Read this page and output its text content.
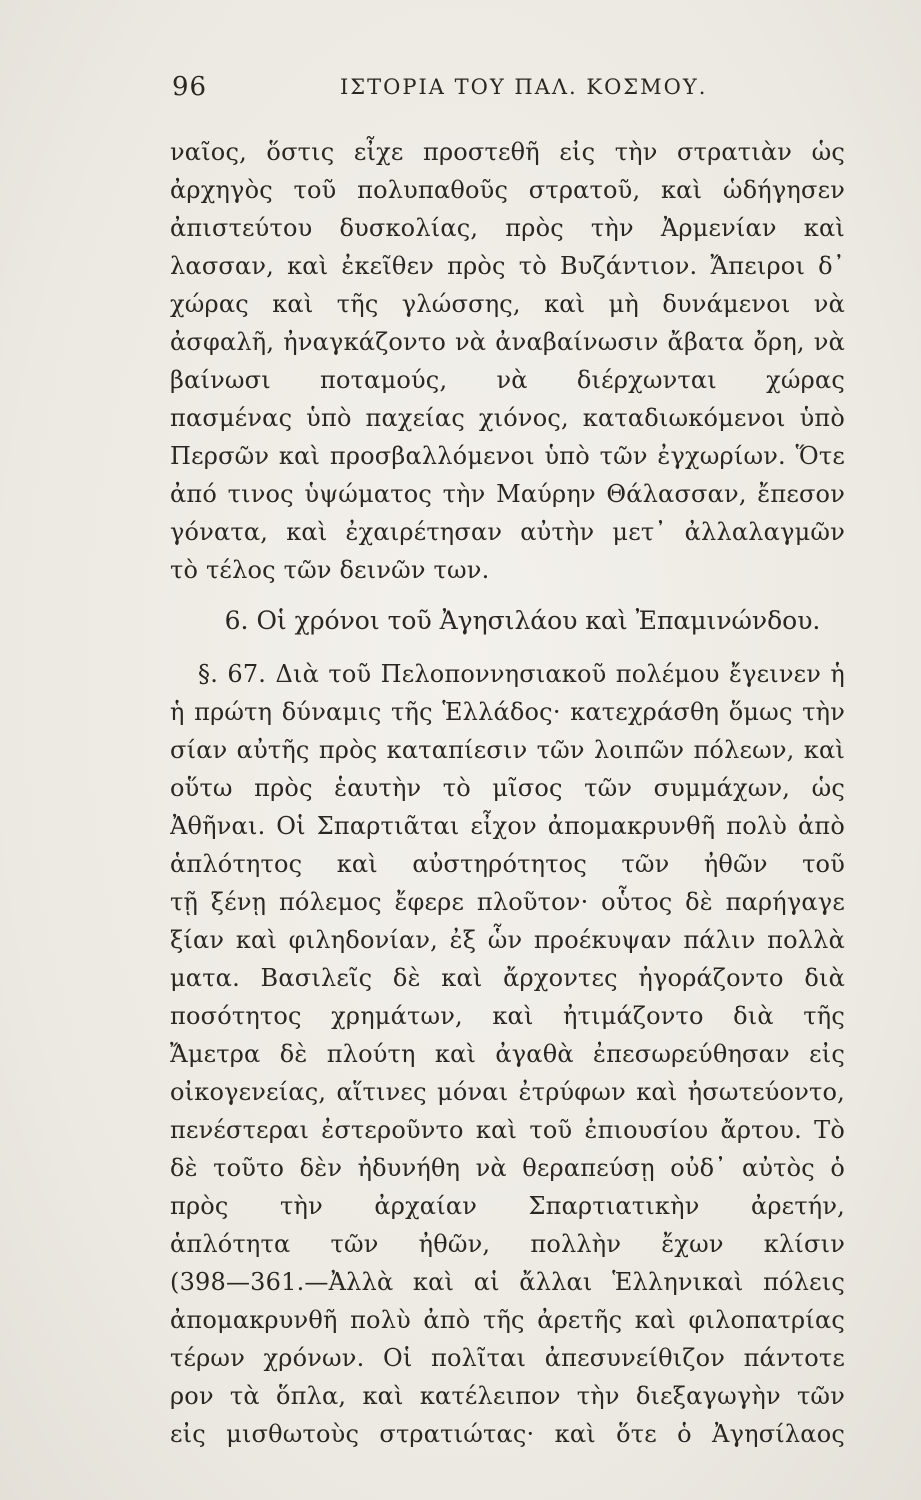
96	ΙΣΤΟΡΙΑ ΤΟΥ ΠΑΛ. ΚΟΣΜΟΥ.
ναῖος, ὅστις εἶχε προστεθῆ εἰς τὴν στρατιὰν ὡς
ἀρχηγὸς τοῦ πολυπαθοῦς στρατοῦ, καὶ ὡδήγησεν
ἀπιστεύτου δυσκολίας, πρὸς τὴν Ἀρμενίαν καὶ
λασσαν, καὶ ἐκεῖθεν πρὸς τὸ Βυζάντιον. Ἄπειροι δ᾽
χώρας καὶ τῆς γλώσσης, καὶ μὴ δυνάμενοι νὰ
ἀσφαλῆ, ἠναγκάζοντο νὰ ἀναβαίνωσιν ἄβατα ὄρη, νὰ
βαίνωσι ποταμούς, νὰ διέρχωνται χώρας
πασμένας ὑπὸ παχείας χιόνος, καταδιωκόμενοι ὑπὸ
Περσῶν καὶ προσβαλλόμενοι ὑπὸ τῶν ἐγχωρίων. Ὅτε
ἀπό τινος ὑψώματος τὴν Μαύρην Θάλασσαν, ἔπεσον
γόνατα, καὶ ἐχαιρέτησαν αὐτὴν μετ᾽ ἀλλαλαγμῶν
τὸ τέλος τῶν δεινῶν των.
6. Οἱ χρόνοι τοῦ Ἀγησιλάου καὶ Ἐπαμινώνδου.
§. 67. Διὰ τοῦ Πελοποννησιακοῦ πολέμου ἔγεινεν ἡ
ἡ πρώτη δύναμις τῆς Ἑλλάδος· κατεχράσθη ὅμως τὴν
σίαν αὐτῆς πρὸς καταπίεσιν τῶν λοιπῶν πόλεων, καὶ
οὕτω πρὸς ἑαυτὴν τὸ μῖσος τῶν συμμάχων, ὡς
Ἀθῆναι. Οἱ Σπαρτιᾶται εἶχον ἀπομακρυνθῆ πολὺ ἀπὸ
ἁπλότητος καὶ αὐστηρότητος τῶν ἠθῶν τοῦ
τῇ ξένῃ πόλεμος ἔφερε πλοῦτον· οὗτος δὲ παρήγαγε
ξίαν καὶ φιληδονίαν, ἐξ ὧν προέκυψαν πάλιν πολλὰ
ματα. Βασιλεῖς δὲ καὶ ἄρχοντες ἠγοράζοντο διὰ
ποσότητος χρημάτων, καὶ ἠτιμάζοντο διὰ τῆς
Ἄμετρα δὲ πλούτη καὶ ἀγαθὰ ἐπεσωρεύθησαν εἰς
οἰκογενείας, αἵτινες μόναι ἐτρύφων καὶ ἠσωτεύοντο,
πενέστεραι ἐστεροῦντο καὶ τοῦ ἐπιουσίου ἄρτου. Τὸ
δὲ τοῦτο δὲν ἠδυνήθη νὰ θεραπεύσῃ οὐδ᾽ αὐτὸς ὁ
πρὸς τὴν ἀρχαίαν Σπαρτιατικὴν ἀρετήν,
ἁπλότητα τῶν ἠθῶν, πολλὴν ἔχων κλίσιν
(398—361.—Ἀλλὰ καὶ αἱ ἄλλαι Ἑλληνικαὶ πόλεις
ἀπομακρυνθῆ πολὺ ἀπὸ τῆς ἀρετῆς καὶ φιλοπατρίας
τέρων χρόνων. Οἱ πολῖται ἀπεσυνείθιζον πάντοτε
ρον τὰ ὅπλα, καὶ κατέλειπον τὴν διεξαγωγὴν τῶν
εἰς μισθωτοὺς στρατιώτας· καὶ ὅτε ὁ Ἀγησίλαος
